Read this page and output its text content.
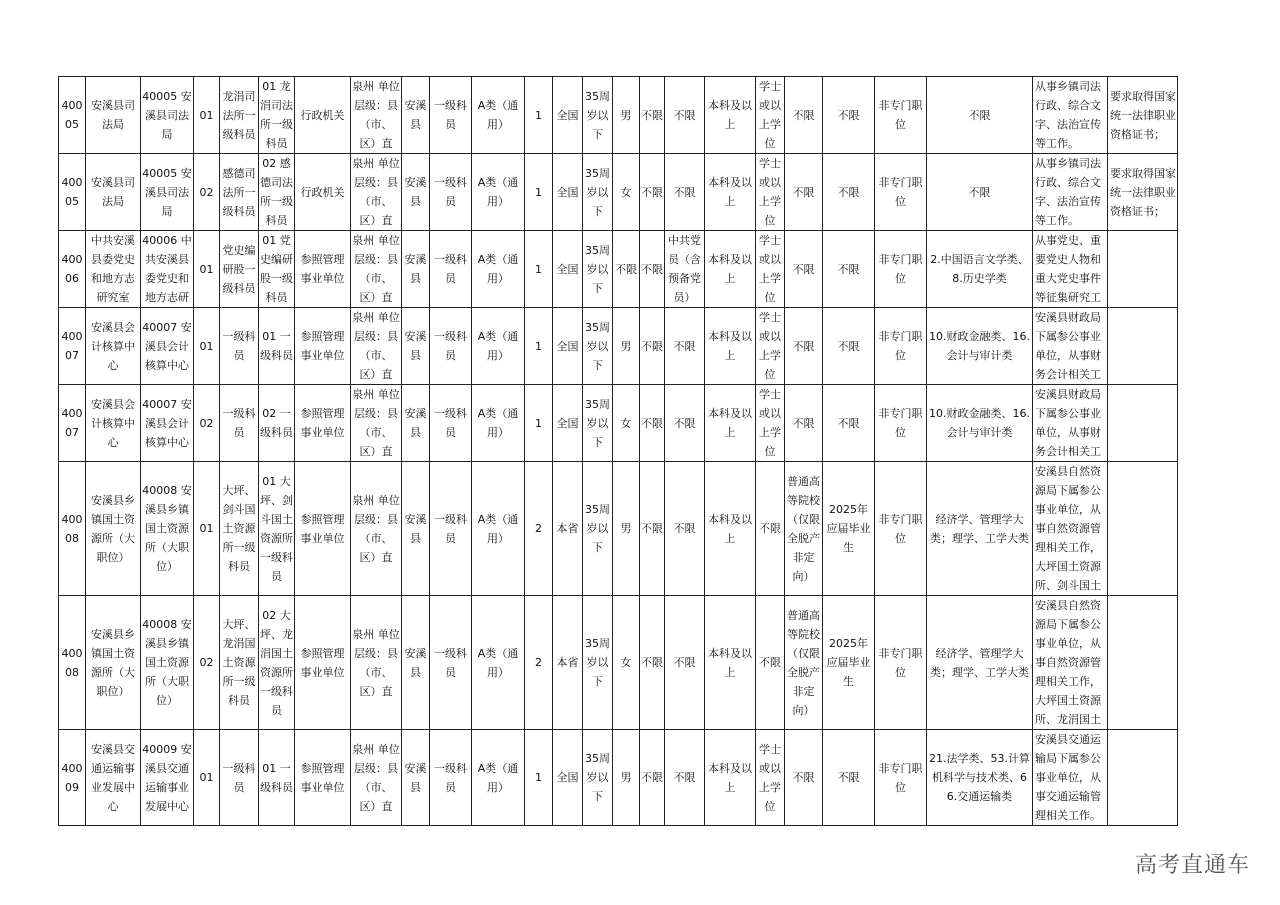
40005	安溪县司法局	40005 安溪县司法局	01	龙涓司法所一级科员	01 龙涓司法所一级科员	行政机关	泉州 单位层级：县（市、区）直	安溪县	一级科员	A类（通用）	1	全国	35周岁以下	男	不限	不限	本科及以上	学士或以上学位	不限	不限	非专门职位	不限	从事乡镇司法行政、综合文字、法治宣传等工作。	要求取得国家统一法律职业资格证书；
40005	安溪县司法局	40005 安溪县司法局	02	感德司法所一级科员	02 感德司法所一级科员	行政机关	泉州 单位层级：县（市、区）直	安溪县	一级科员	A类（通用）	1	全国	35周岁以下	女	不限	不限	本科及以上	学士或以上学位	不限	不限	非专门职位	不限	从事乡镇司法行政、综合文字、法治宣传等工作。	要求取得国家统一法律职业资格证书；
40006	中共安溪县委党史和地方志研究室	40006 中共安溪县委党史和地方志研	01	党史编研股一级科员	01 党史编研股一级科员	参照管理事业单位	泉州 单位层级：县（市、区）直	安溪县	一级科员	A类（通用）	1	全国	35周岁以下	不限	不限	中共党员（含预备党员）	本科及以上	学士或以上学位	不限	不限	非专门职位	2.中国语言文学类、8.历史学类	从事党史、重要党史人物和重大党史事件等征集研究工	
40007	安溪县会计核算中心	40007 安溪县会计核算中心	01	一级科员	01 一级科员	参照管理事业单位	泉州 单位层级：县（市、区）直	安溪县	一级科员	A类（通用）	1	全国	35周岁以下	男	不限	不限	本科及以上	学士或以上学位	不限	不限	非专门职位	10.财政金融类、16.会计与审计类	安溪县财政局下属参公事业单位，从事财务会计相关工	
40007	安溪县会计核算中心	40007 安溪县会计核算中心	02	一级科员	02 一级科员	参照管理事业单位	泉州 单位层级：县（市、区）直	安溪县	一级科员	A类（通用）	1	全国	35周岁以下	女	不限	不限	本科及以上	学士或以上学位	不限	不限	非专门职位	10.财政金融类、16.会计与审计类	安溪县财政局下属参公事业单位，从事财务会计相关工	
40008	安溪县乡镇国土资源所（大职位）	40008 安溪县乡镇国土资源所（大职位）	01	大坪、剑斗国土资源所一级科员	01 大坪、剑斗国土资源所一级科员	参照管理事业单位	泉州 单位层级：县（市、区）直	安溪县	一级科员	A类（通用）	2	本省	35周岁以下	男	不限	不限	本科及以上	不限	普通高等院校（仅限全脱产非定向）	2025年应届毕业生	非专门职位	经济学、管理学大类；理学、工学大类	安溪县自然资源局下属参公事业单位，从事自然资源管理相关工作，大坪国土资源所、剑斗国土	
40008	安溪县乡镇国土资源所（大职位）	40008 安溪县乡镇国土资源所（大职位）	02	大坪、龙涓国土资源所一级科员	02 大坪、龙涓国土资源所一级科员	参照管理事业单位	泉州 单位层级：县（市、区）直	安溪县	一级科员	A类（通用）	2	本省	35周岁以下	女	不限	不限	本科及以上	不限	普通高等院校（仅限全脱产非定向）	2025年应届毕业生	非专门职位	经济学、管理学大类；理学、工学大类	安溪县自然资源局下属参公事业单位，从事自然资源管理相关工作，大坪国土资源所、龙涓国土	
40009	安溪县交通运输事业发展中心	40009 安溪县交通运输事业发展中心	01	一级科员	01 一级科员	参照管理事业单位	泉州 单位层级：县（市、区）直	安溪县	一级科员	A类（通用）	1	全国	35周岁以下	男	不限	不限	本科及以上	学士或以上学位	不限	不限	非专门职位	21.法学类、53.计算机科学与技术类、66.交通运输类	安溪县交通运输局下属参公事业单位，从事交通运输管理相关工作。	
高考直通车
